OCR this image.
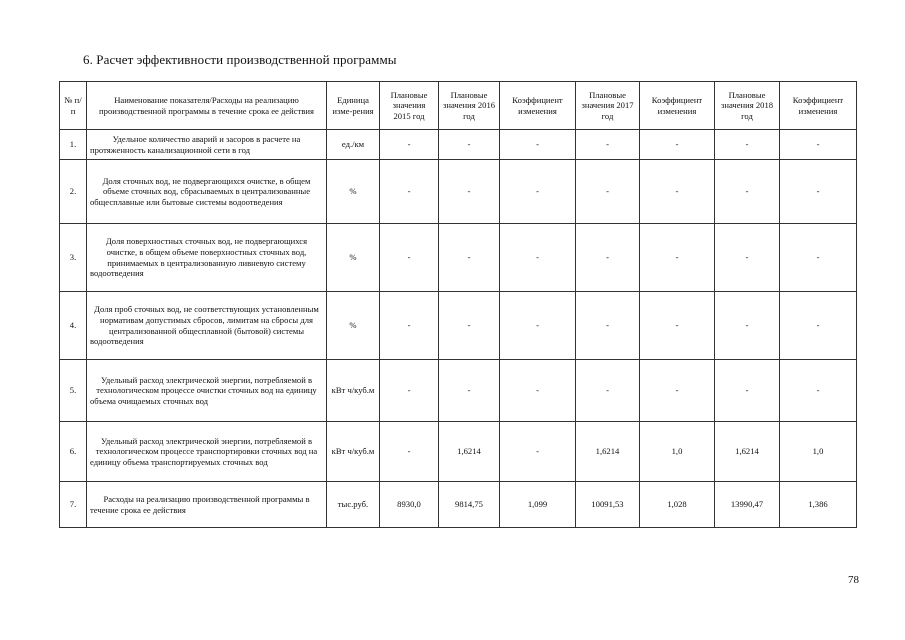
6. Расчет эффективности производственной программы
№ п/п	Наименование показателя/Расходы на реализацию производственной программы в течение срока ее действия	Единица изме-рения	Плановые значения 2015 год	Плановые значения 2016 год	Коэффициент изменения	Плановые значения 2017 год	Коэффициент изменения	Плановые значения 2018 год	Коэффициент изменения
1.	Удельное количество аварий и засоров в расчете на протяженность канализационной сети в год	ед./км	-	-	-	-	-	-	-
2.	Доля сточных вод, не подвергающихся очистке, в общем объеме сточных вод, сбрасываемых в централизованные общесплавные или бытовые системы водоотведения	%	-	-	-	-	-	-	-
3.	Доля поверхностных сточных вод, не подвергающихся очистке, в общем объеме поверхностных сточных вод, принимаемых в централизованную ливневую систему водоотведения	%	-	-	-	-	-	-	-
4.	Доля проб сточных вод, не соответствующих установленным нормативам допустимых сбросов, лимитам на сбросы для централизованной общесплавной (бытовой) системы водоотведения	%	-	-	-	-	-	-	-
5.	Удельный расход электрической энергии, потребляемой в технологическом процессе очистки сточных вод на единицу объема очищаемых сточных вод	кВт ч/куб.м	-	-	-	-	-	-	-
6.	Удельный расход электрической энергии, потребляемой в технологическом процессе транспортировки сточных вод на единицу объема транспортируемых сточных вод	кВт ч/куб.м	-	1,6214	-	1,6214	1,0	1,6214	1,0
7.	Расходы на реализацию производственной программы в течение срока ее действия	тыс.руб.	8930,0	9814,75	1,099	10091,53	1,028	13990,47	1,386
78
